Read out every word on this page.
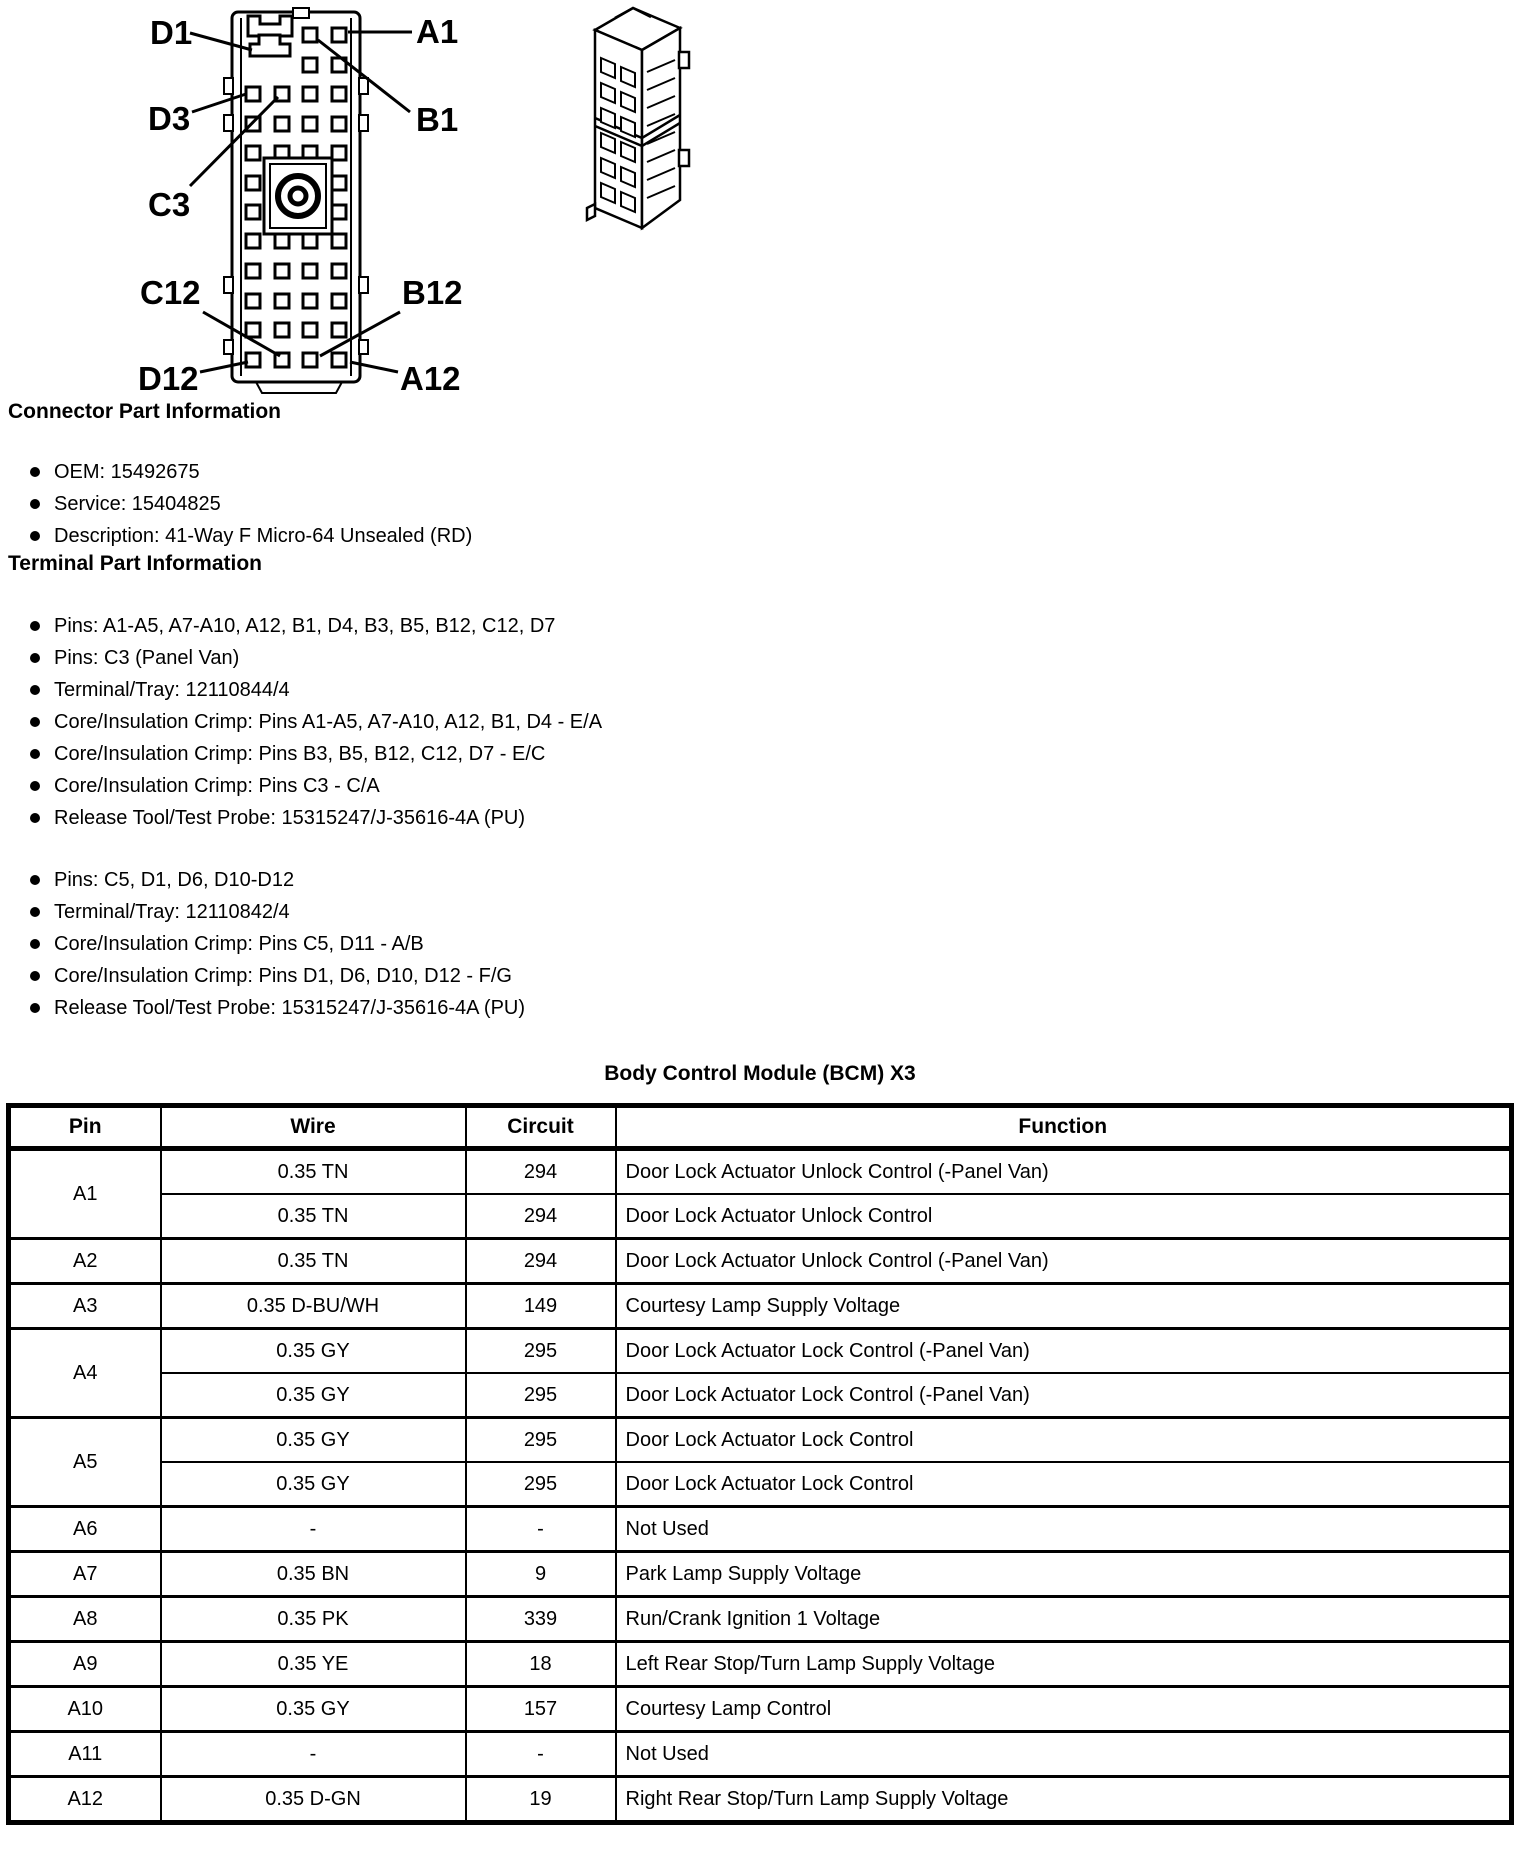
D1	A1
D3	B1
C3
C12	B12
D12	A12
Connector Part Information
OEM: 15492675
Service: 15404825
Description: 41-Way F Micro-64 Unsealed (RD)
Terminal Part Information
Pins: A1-A5, A7-A10, A12, B1, D4, B3, B5, B12, C12, D7
Pins: C3 (Panel Van)
Terminal/Tray: 12110844/4
Core/Insulation Crimp: Pins A1-A5, A7-A10, A12, B1, D4 - E/A
Core/Insulation Crimp: Pins B3, B5, B12, C12, D7 - E/C
Core/Insulation Crimp: Pins C3 - C/A
Release Tool/Test Probe: 15315247/J-35616-4A (PU)
Pins: C5, D1, D6, D10-D12
Terminal/Tray: 12110842/4
Core/Insulation Crimp: Pins C5, D11 - A/B
Core/Insulation Crimp: Pins D1, D6, D10, D12 - F/G
Release Tool/Test Probe: 15315247/J-35616-4A (PU)
Body Control Module (BCM) X3
Pin	Wire	Circuit	Function
A1	0.35 TN	294	Door Lock Actuator Unlock Control (-Panel Van)
	0.35 TN	294	Door Lock Actuator Unlock Control
A2	0.35 TN	294	Door Lock Actuator Unlock Control (-Panel Van)
A3	0.35 D-BU/WH	149	Courtesy Lamp Supply Voltage
A4	0.35 GY	295	Door Lock Actuator Lock Control (-Panel Van)
	0.35 GY	295	Door Lock Actuator Lock Control (-Panel Van)
A5	0.35 GY	295	Door Lock Actuator Lock Control
	0.35 GY	295	Door Lock Actuator Lock Control
A6	-	-	Not Used
A7	0.35 BN	9	Park Lamp Supply Voltage
A8	0.35 PK	339	Run/Crank Ignition 1 Voltage
A9	0.35 YE	18	Left Rear Stop/Turn Lamp Supply Voltage
A10	0.35 GY	157	Courtesy Lamp Control
A11	-	-	Not Used
A12	0.35 D-GN	19	Right Rear Stop/Turn Lamp Supply Voltage
